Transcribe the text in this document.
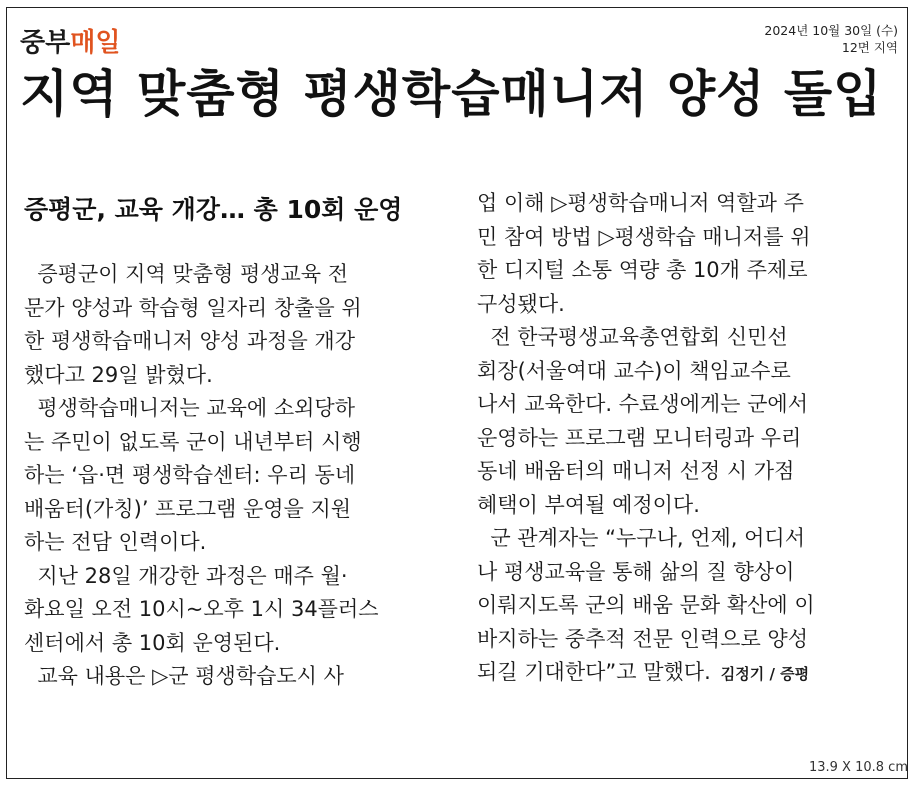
중부매일	2024년 10월 30일 (수)
12면 지역
지역 맞춤형 평생학습매니저 양성 돌입
증평군, 교육 개강… 총 10회 운영

증평군이 지역 맞춤형 평생교육 전

문가 양성과 학습형 일자리 창출을 위

한 평생학습매니저 양성 과정을 개강

했다고 29일 밝혔다.

평생학습매니저는 교육에 소외당하

는 주민이 없도록 군이 내년부터 시행

하는 ‘읍·면 평생학습센터: 우리 동네

배움터(가칭)’ 프로그램 운영을 지원

하는 전담 인력이다.

지난 28일 개강한 과정은 매주 월·

화요일 오전 10시~오후 1시 34플러스

센터에서 총 10회 운영된다.

교육 내용은 ▷군 평생학습도시 사

업 이해 ▷평생학습매니저 역할과 주

민 참여 방법 ▷평생학습 매니저를 위

한 디지털 소통 역량 총 10개 주제로

구성됐다.

전 한국평생교육총연합회 신민선

회장(서울여대 교수)이 책임교수로

나서 교육한다. 수료생에게는 군에서

운영하는 프로그램 모니터링과 우리

동네 배움터의 매니저 선정 시 가점

혜택이 부여될 예정이다.

군 관계자는 “누구나, 언제, 어디서

나 평생교육을 통해 삶의 질 향상이

이뤄지도록 군의 배움 문화 확산에 이

바지하는 중추적 전문 인력으로 양성

되길 기대한다”고 말했다. 김정기 / 증평

13.9 X 10.8 cm
